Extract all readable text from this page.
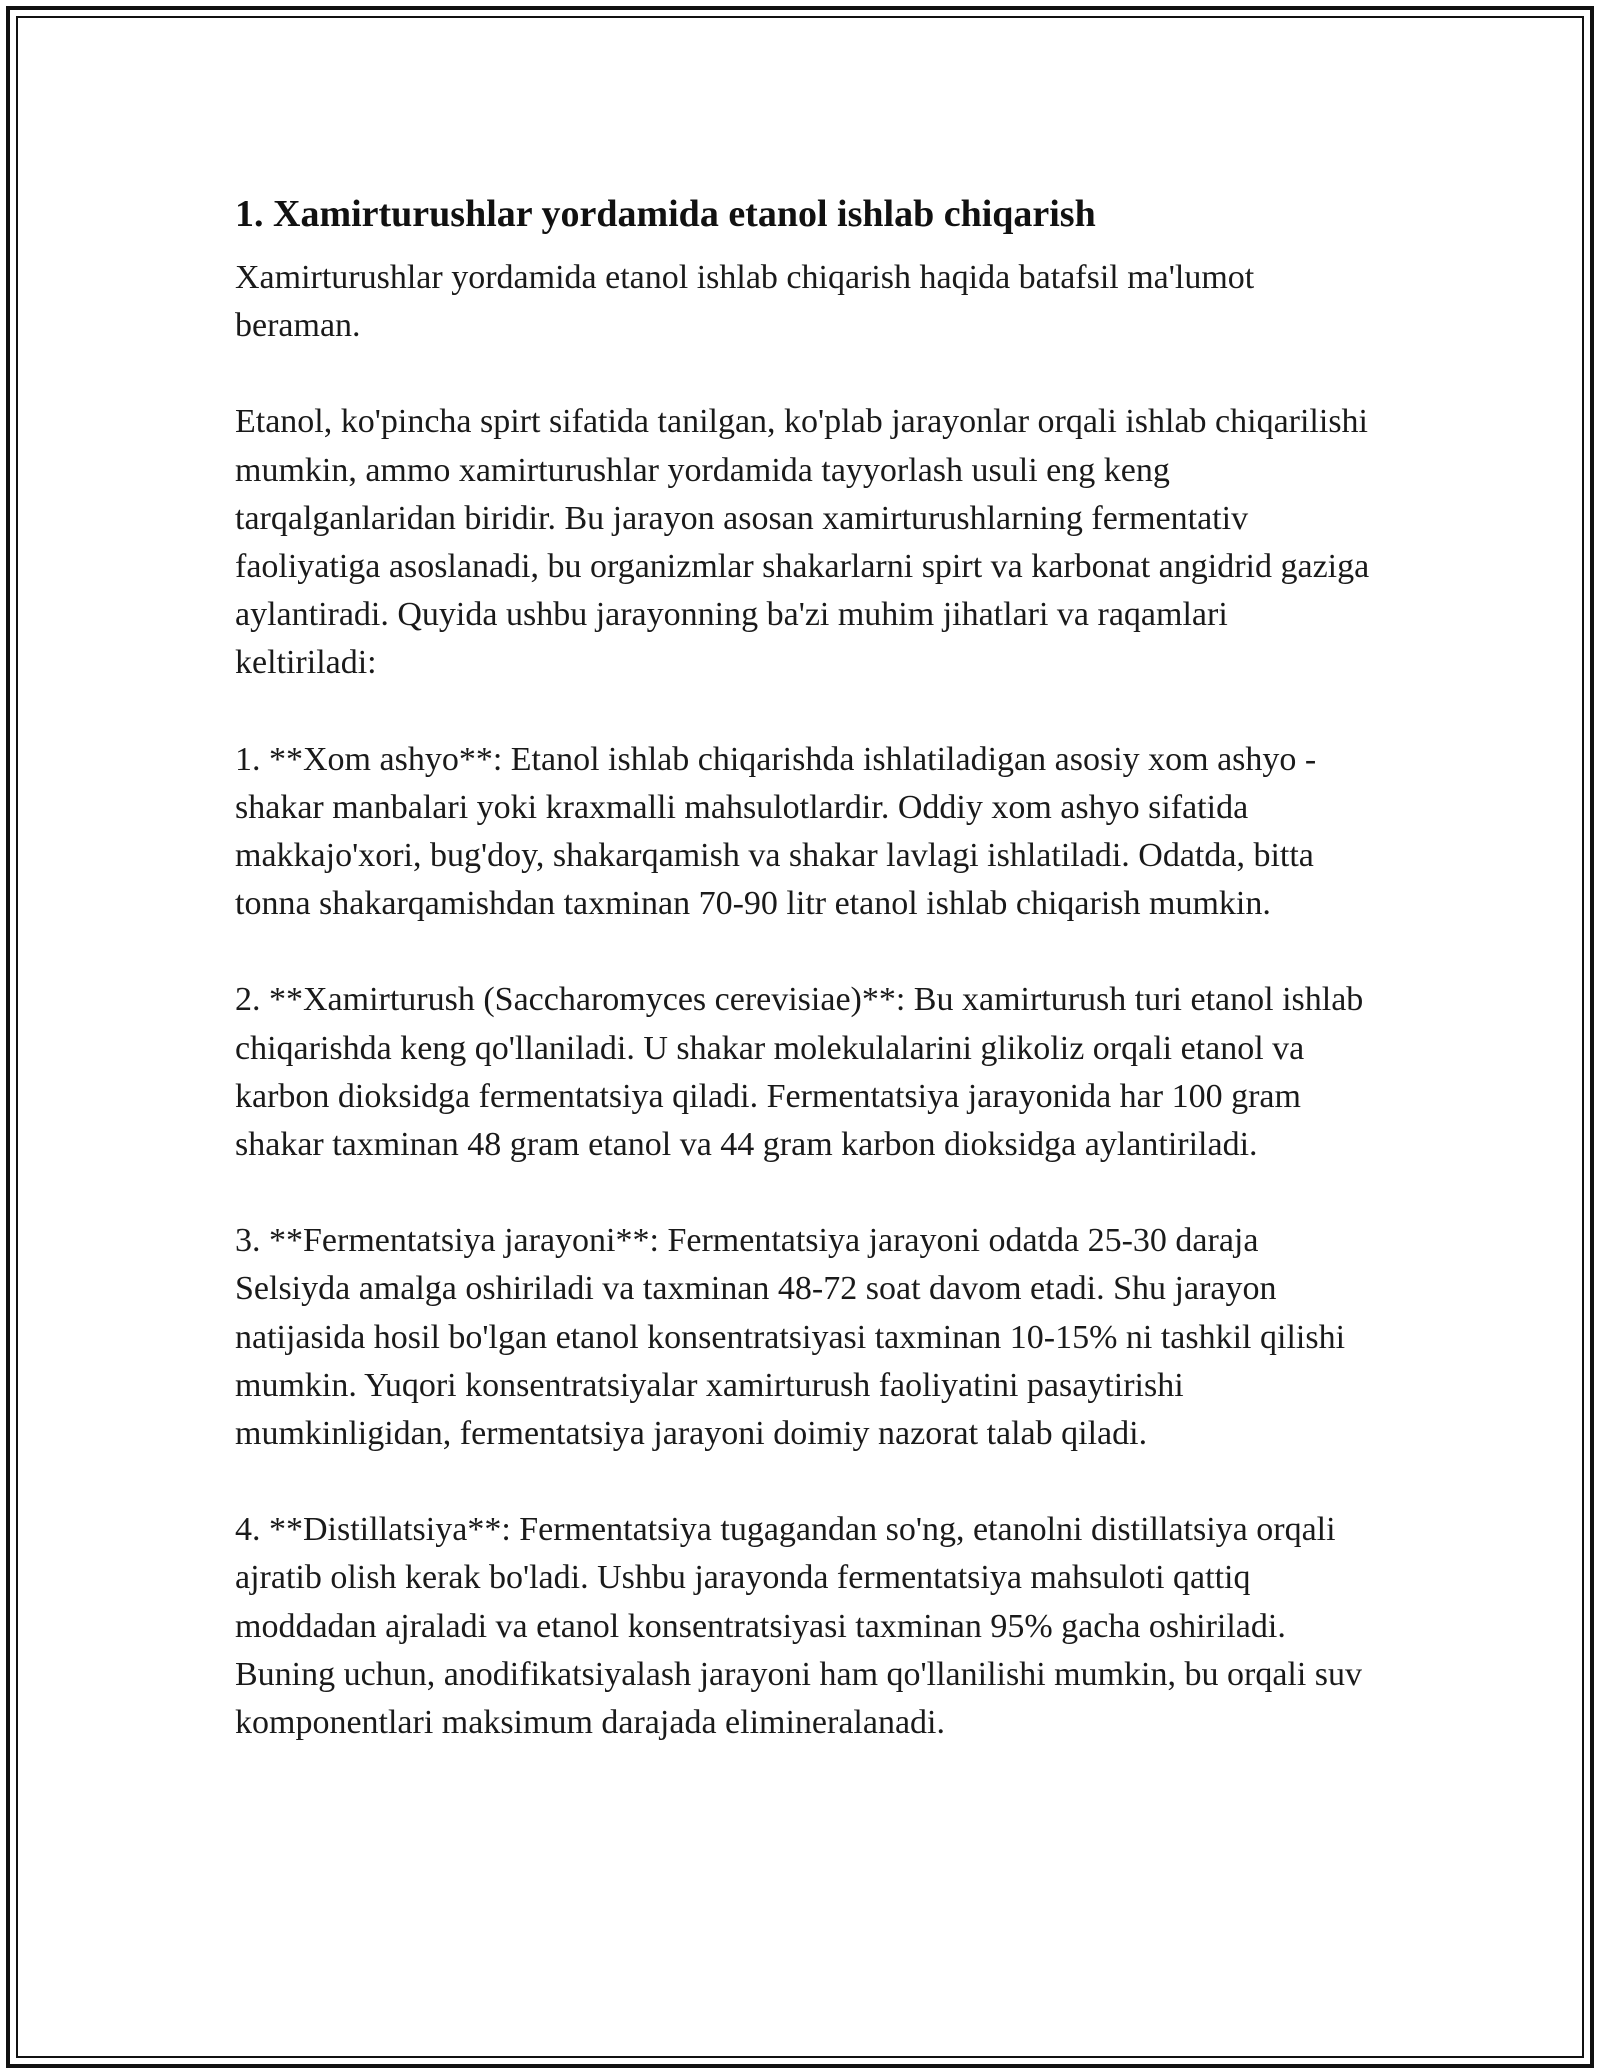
1. Xamirturushlar yordamida etanol ishlab chiqarish

Xamirturushlar yordamida etanol ishlab chiqarish haqida batafsil ma'lumot beraman.

Etanol, ko'pincha spirt sifatida tanilgan, ko'plab jarayonlar orqali ishlab chiqarilishi mumkin, ammo xamirturushlar yordamida tayyorlash usuli eng keng tarqalganlaridan biridir. Bu jarayon asosan xamirturushlarning fermentativ faoliyatiga asoslanadi, bu organizmlar shakarlarni spirt va karbonat angidrid gaziga aylantiradi. Quyida ushbu jarayonning ba'zi muhim jihatlari va raqamlari keltiriladi:

1. **Xom ashyo**: Etanol ishlab chiqarishda ishlatiladigan asosiy xom ashyo - shakar manbalari yoki kraxmalli mahsulotlardir. Oddiy xom ashyo sifatida makkajo'xori, bug'doy, shakarqamish va shakar lavlagi ishlatiladi. Odatda, bitta tonna shakarqamishdan taxminan 70-90 litr etanol ishlab chiqarish mumkin.

2. **Xamirturush (Saccharomyces cerevisiae)**: Bu xamirturush turi etanol ishlab chiqarishda keng qo'llaniladi. U shakar molekulalarini glikoliz orqali etanol va karbon dioksidga fermentatsiya qiladi. Fermentatsiya jarayonida har 100 gram shakar taxminan 48 gram etanol va 44 gram karbon dioksidga aylantiriladi.

3. **Fermentatsiya jarayoni**: Fermentatsiya jarayoni odatda 25-30 daraja Selsiyda amalga oshiriladi va taxminan 48-72 soat davom etadi. Shu jarayon natijasida hosil bo'lgan etanol konsentratsiyasi taxminan 10-15% ni tashkil qilishi mumkin. Yuqori konsentratsiyalar xamirturush faoliyatini pasaytirishi mumkinligidan, fermentatsiya jarayoni doimiy nazorat talab qiladi.

4. **Distillatsiya**: Fermentatsiya tugagandan so'ng, etanolni distillatsiya orqali ajratib olish kerak bo'ladi. Ushbu jarayonda fermentatsiya mahsuloti qattiq moddadan ajraladi va etanol konsentratsiyasi taxminan 95% gacha oshiriladi. Buning uchun, anodifikatsiyalash jarayoni ham qo'llanilishi mumkin, bu orqali suv komponentlari maksimum darajada elimineralanadi.
